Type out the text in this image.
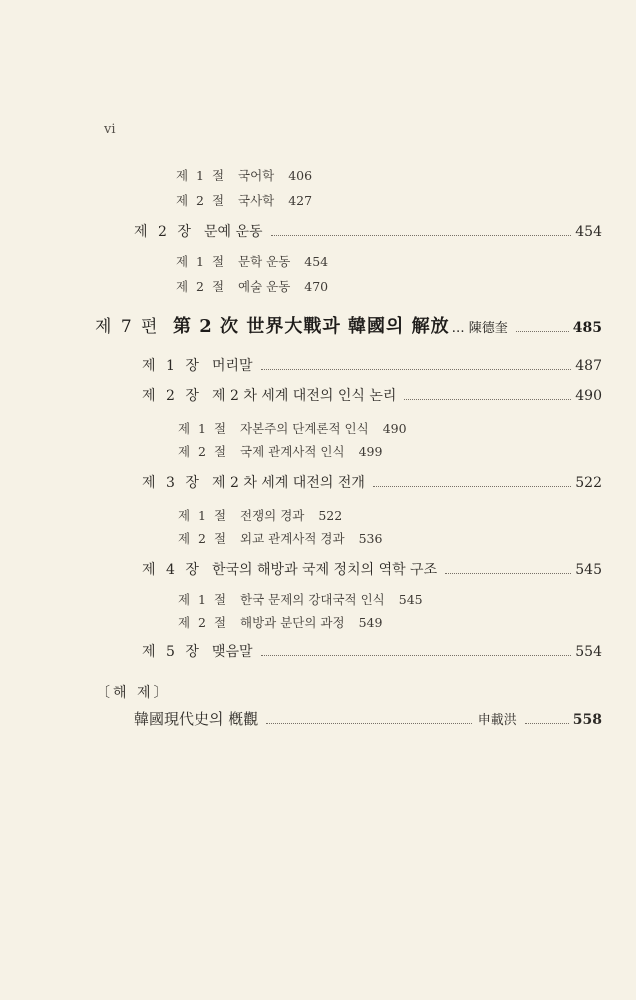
vi
제 1 절 국어학 406
제 2 절 국사학 427
제 2 장 문예 운동	454
제 1 절 문학 운동 454
제 2 절 예술 운동 470
제 7 편 第 2 次 世界大戰과 韓國의 解放 … 陳德奎	485
제 1 장 머리말	487
제 2 장 제 2 차 세계 대전의 인식 논리	490
제 1 절 자본주의 단계론적 인식 490
제 2 절 국제 관계사적 인식 499
제 3 장 제 2 차 세계 대전의 전개	522
제 1 절 전쟁의 경과 522
제 2 절 외교 관계사적 경과 536
제 4 장 한국의 해방과 국제 정치의 역학 구조	545
제 1 절 한국 문제의 강대국적 인식 545
제 2 절 해방과 분단의 과정 549
제 5 장 맺음말	554
〔해 제〕
韓國現代史의 槪觀	申載洪	558
